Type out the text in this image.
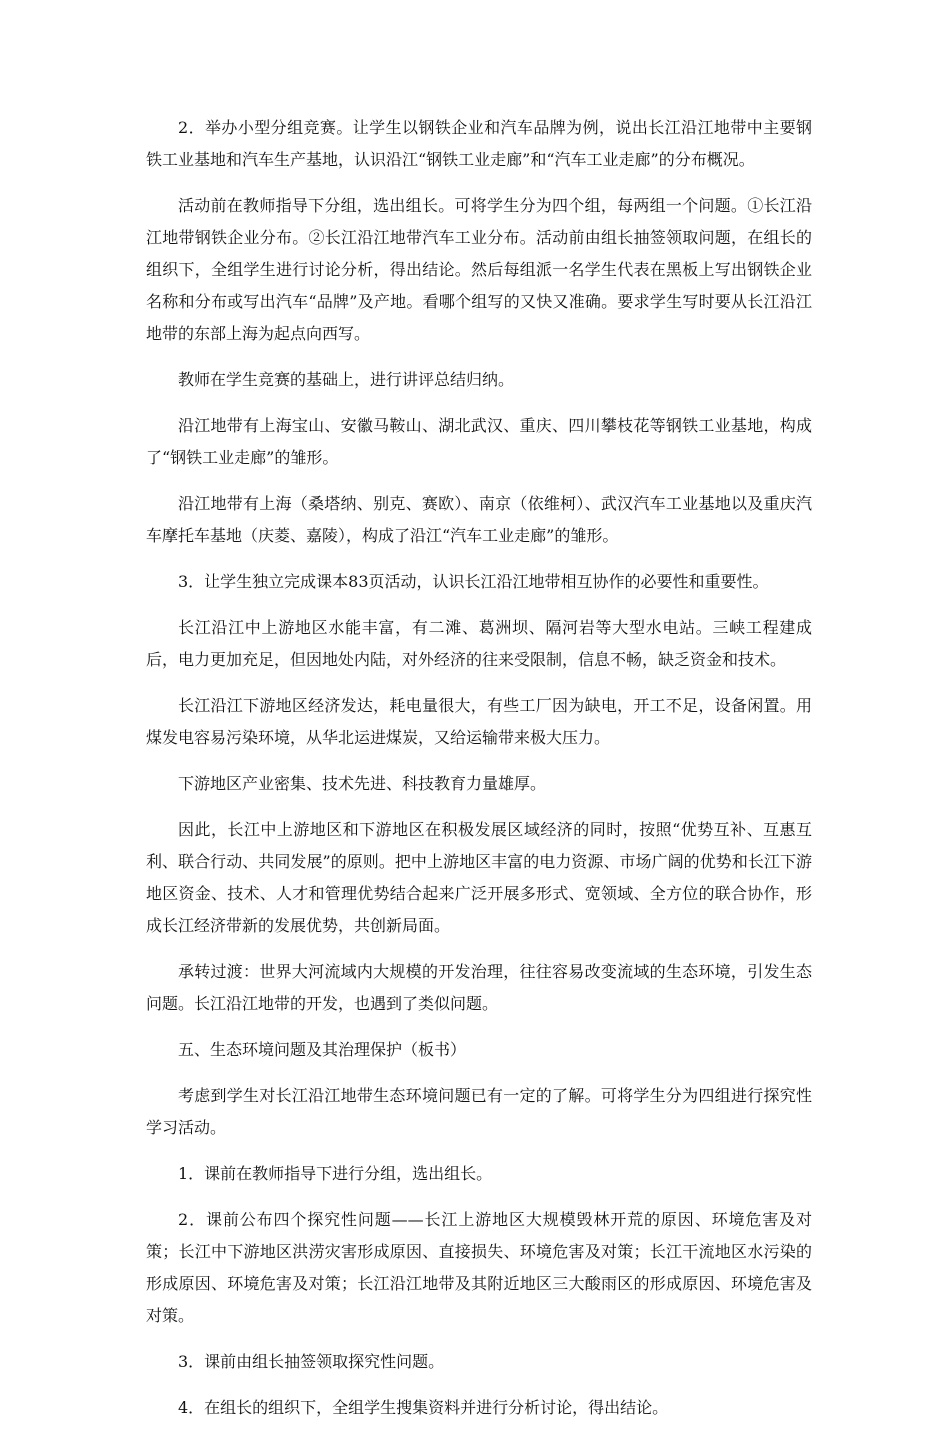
2．举办小型分组竞赛。让学生以钢铁企业和汽车品牌为例，说出长江沿江地带中主要钢铁工业基地和汽车生产基地，认识沿江“钢铁工业走廊”和“汽车工业走廊”的分布概况。

活动前在教师指导下分组，选出组长。可将学生分为四个组，每两组一个问题。①长江沿江地带钢铁企业分布。②长江沿江地带汽车工业分布。活动前由组长抽签领取问题，在组长的组织下，全组学生进行讨论分析，得出结论。然后每组派一名学生代表在黑板上写出钢铁企业名称和分布或写出汽车“品牌”及产地。看哪个组写的又快又准确。要求学生写时要从长江沿江地带的东部上海为起点向西写。

教师在学生竞赛的基础上，进行讲评总结归纳。

沿江地带有上海宝山、安徽马鞍山、湖北武汉、重庆、四川攀枝花等钢铁工业基地，构成了“钢铁工业走廊”的雏形。

沿江地带有上海（桑塔纳、别克、赛欧）、南京（依维柯）、武汉汽车工业基地以及重庆汽车摩托车基地（庆菱、嘉陵），构成了沿江“汽车工业走廊”的雏形。

3．让学生独立完成课本83页活动，认识长江沿江地带相互协作的必要性和重要性。

长江沿江中上游地区水能丰富，有二滩、葛洲坝、隔河岩等大型水电站。三峡工程建成后，电力更加充足，但因地处内陆，对外经济的往来受限制，信息不畅，缺乏资金和技术。

长江沿江下游地区经济发达，耗电量很大，有些工厂因为缺电，开工不足，设备闲置。用煤发电容易污染环境，从华北运进煤炭，又给运输带来极大压力。

下游地区产业密集、技术先进、科技教育力量雄厚。

因此，长江中上游地区和下游地区在积极发展区域经济的同时，按照“优势互补、互惠互利、联合行动、共同发展”的原则。把中上游地区丰富的电力资源、市场广阔的优势和长江下游地区资金、技术、人才和管理优势结合起来广泛开展多形式、宽领域、全方位的联合协作，形成长江经济带新的发展优势，共创新局面。

承转过渡：世界大河流域内大规模的开发治理，往往容易改变流域的生态环境，引发生态问题。长江沿江地带的开发，也遇到了类似问题。

五、生态环境问题及其治理保护（板书）

考虑到学生对长江沿江地带生态环境问题已有一定的了解。可将学生分为四组进行探究性学习活动。

1．课前在教师指导下进行分组，选出组长。

2．课前公布四个探究性问题——长江上游地区大规模毁林开荒的原因、环境危害及对策；长江中下游地区洪涝灾害形成原因、直接损失、环境危害及对策；长江干流地区水污染的形成原因、环境危害及对策；长江沿江地带及其附近地区三大酸雨区的形成原因、环境危害及对策。

3．课前由组长抽签领取探究性问题。

4．在组长的组织下，全组学生搜集资料并进行分析讨论，得出结论。
